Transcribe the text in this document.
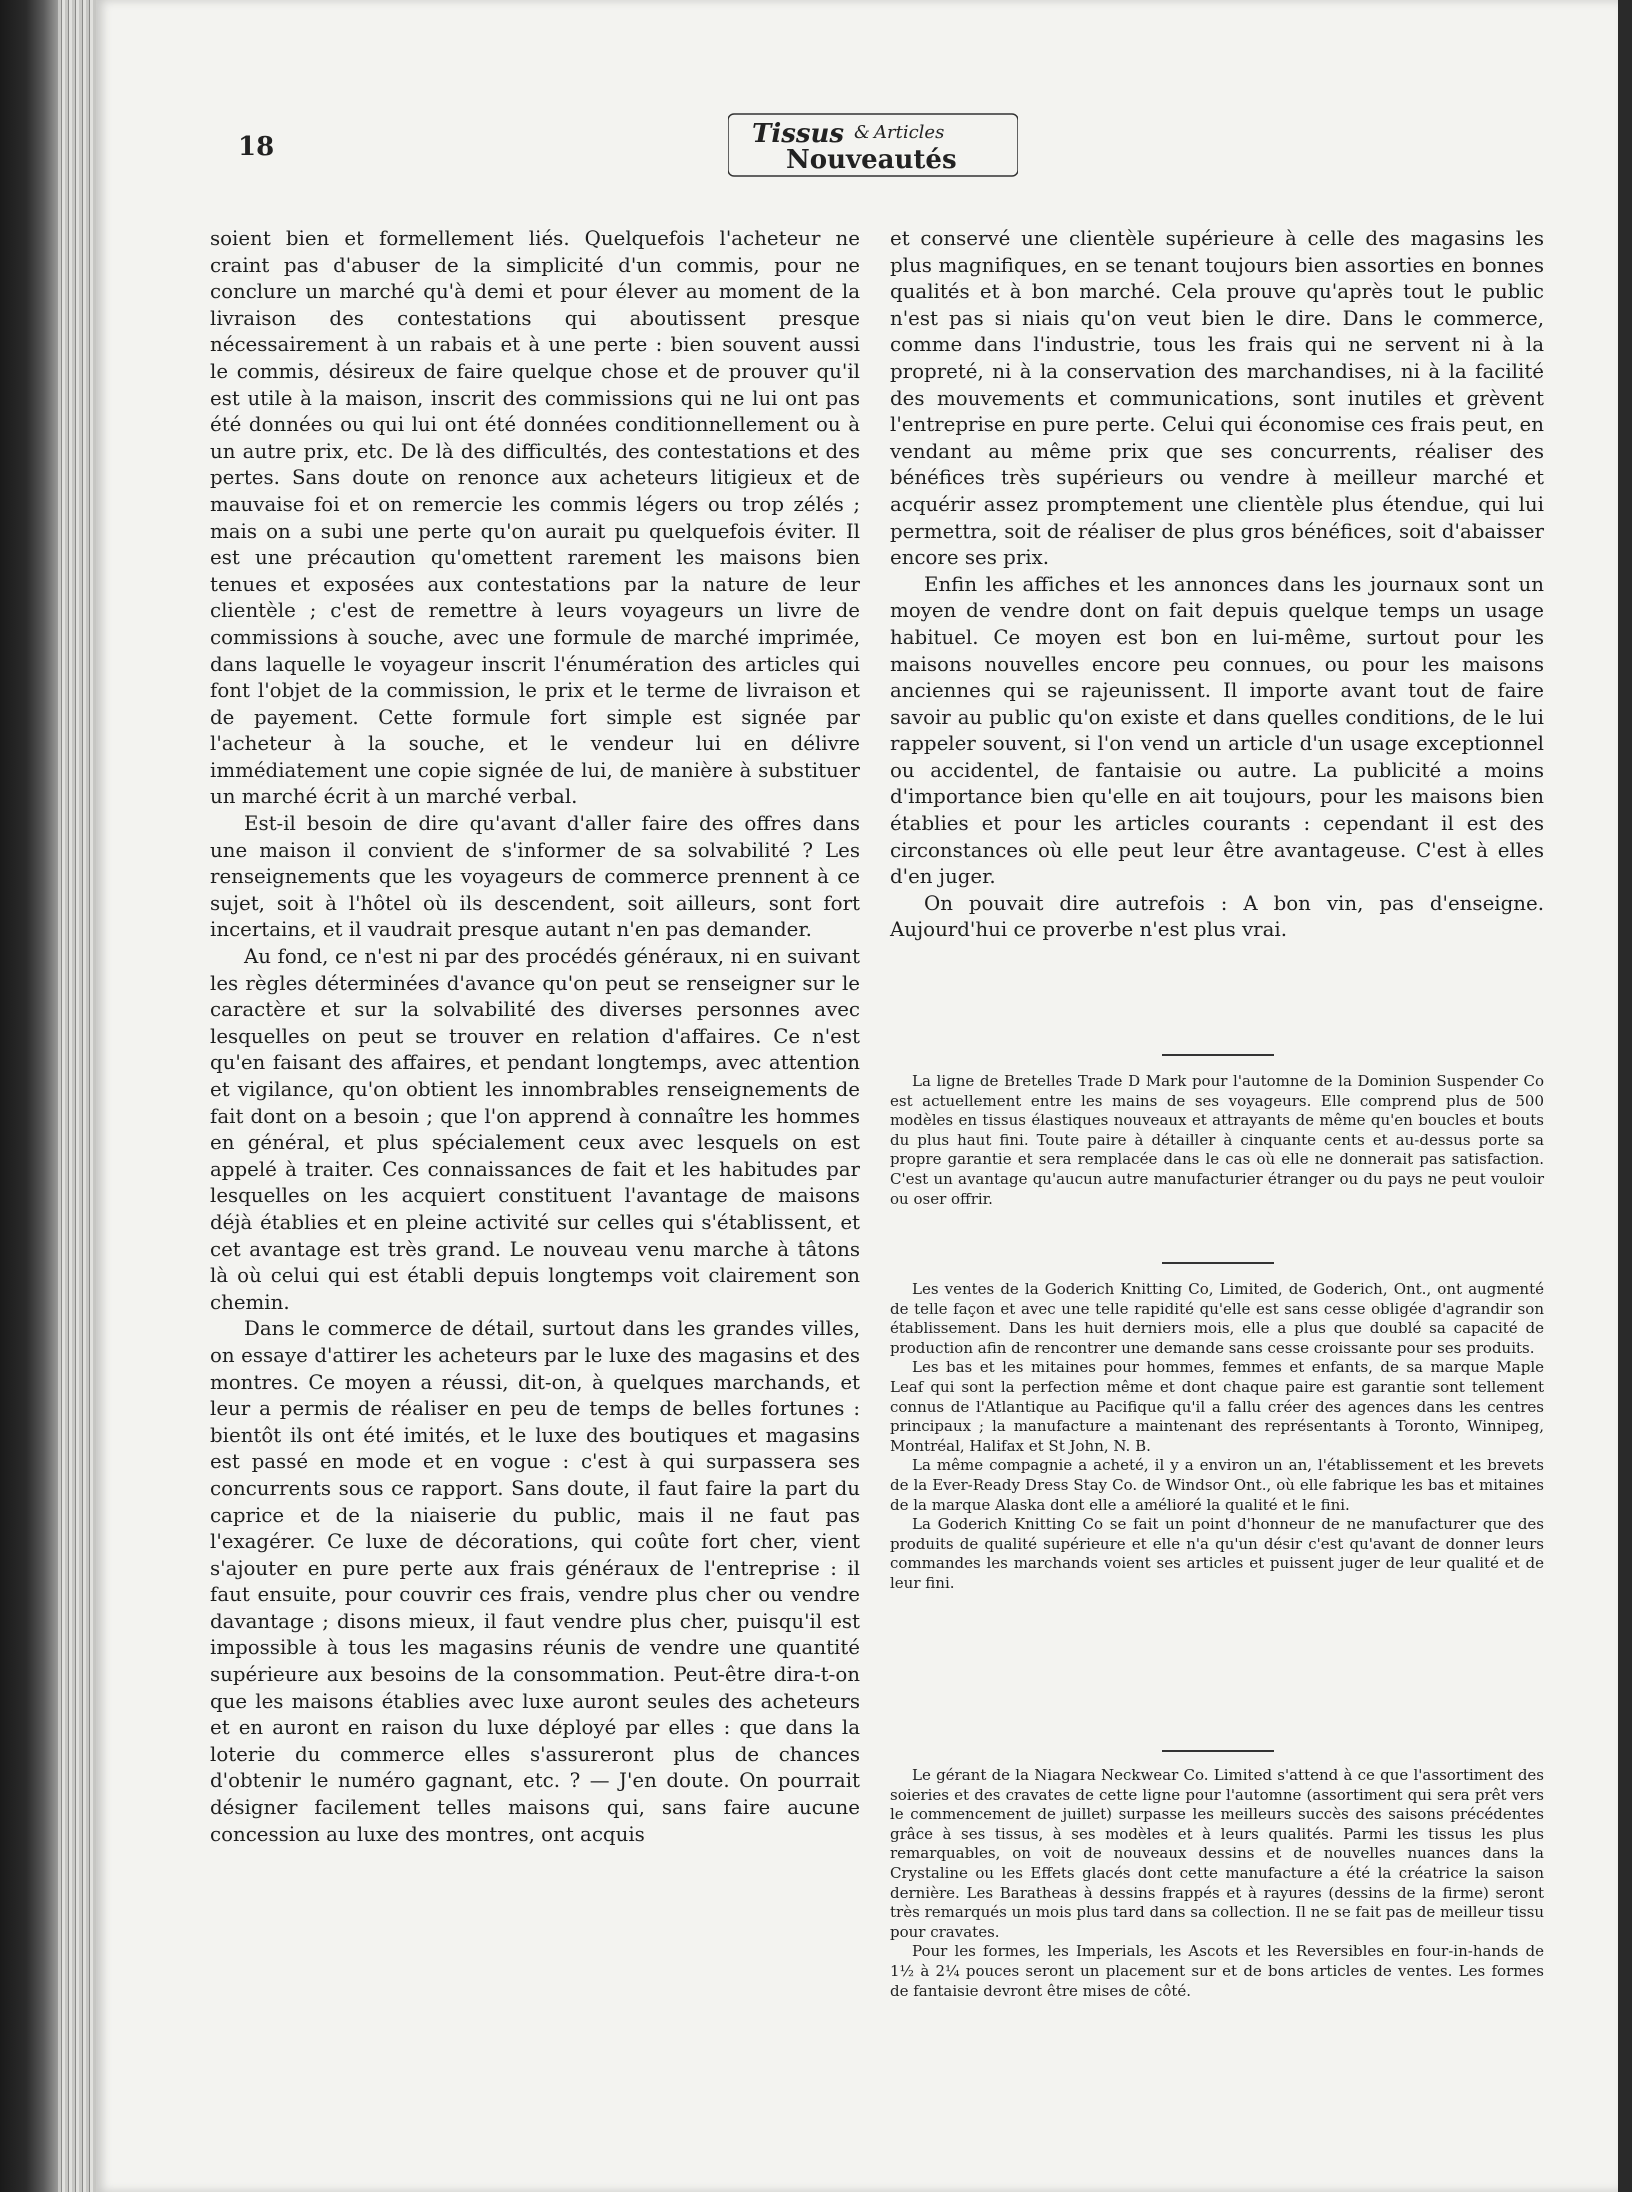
18	Tissus & Articles
Nouveautés

soient bien et formellement liés. Quelquefois l'acheteur ne craint pas d'abuser de la simplicité d'un commis, pour ne conclure un marché qu'à demi et pour élever au moment de la livraison des contestations qui aboutissent presque nécessairement à un rabais et à une perte : bien souvent aussi le commis, désireux de faire quelque chose et de prouver qu'il est utile à la maison, inscrit des commissions qui ne lui ont pas été données ou qui lui ont été données conditionnellement ou à un autre prix, etc. De là des difficultés, des contestations et des pertes. Sans doute on renonce aux acheteurs litigieux et de mauvaise foi et on remercie les commis légers ou trop zélés ; mais on a subi une perte qu'on aurait pu quelquefois éviter. Il est une précaution qu'omettent rarement les maisons bien tenues et exposées aux contestations par la nature de leur clientèle ; c'est de remettre à leurs voyageurs un livre de commissions à souche, avec une formule de marché imprimée, dans laquelle le voyageur inscrit l'énumération des articles qui font l'objet de la commission, le prix et le terme de livraison et de payement. Cette formule fort simple est signée par l'acheteur à la souche, et le vendeur lui en délivre immédiatement une copie signée de lui, de manière à substituer un marché écrit à un marché verbal.

Est-il besoin de dire qu'avant d'aller faire des offres dans une maison il convient de s'informer de sa solvabilité ? Les renseignements que les voyageurs de commerce prennent à ce sujet, soit à l'hôtel où ils descendent, soit ailleurs, sont fort incertains, et il vaudrait presque autant n'en pas demander.

Au fond, ce n'est ni par des procédés généraux, ni en suivant les règles déterminées d'avance qu'on peut se renseigner sur le caractère et sur la solvabilité des diverses personnes avec lesquelles on peut se trouver en relation d'affaires. Ce n'est qu'en faisant des affaires, et pendant longtemps, avec attention et vigilance, qu'on obtient les innombrables renseignements de fait dont on a besoin ; que l'on apprend à connaître les hommes en général, et plus spécialement ceux avec lesquels on est appelé à traiter. Ces connaissances de fait et les habitudes par lesquelles on les acquiert constituent l'avantage de maisons déjà établies et en pleine activité sur celles qui s'établissent, et cet avantage est très grand. Le nouveau venu marche à tâtons là où celui qui est établi depuis longtemps voit clairement son chemin.

Dans le commerce de détail, surtout dans les grandes villes, on essaye d'attirer les acheteurs par le luxe des magasins et des montres. Ce moyen a réussi, dit-on, à quelques marchands, et leur a permis de réaliser en peu de temps de belles fortunes : bientôt ils ont été imités, et le luxe des boutiques et magasins est passé en mode et en vogue : c'est à qui surpassera ses concurrents sous ce rapport. Sans doute, il faut faire la part du caprice et de la niaiserie du public, mais il ne faut pas l'exagérer. Ce luxe de décorations, qui coûte fort cher, vient s'ajouter en pure perte aux frais généraux de l'entreprise : il faut ensuite, pour couvrir ces frais, vendre plus cher ou vendre davantage ; disons mieux, il faut vendre plus cher, puisqu'il est impossible à tous les magasins réunis de vendre une quantité supérieure aux besoins de la consommation. Peut-être dira-t-on que les maisons établies avec luxe auront seules des acheteurs et en auront en raison du luxe déployé par elles : que dans la loterie du commerce elles s'assureront plus de chances d'obtenir le numéro gagnant, etc. ? — J'en doute. On pourrait désigner facilement telles maisons qui, sans faire aucune concession au luxe des montres, ont acquis

et conservé une clientèle supérieure à celle des magasins les plus magnifiques, en se tenant toujours bien assorties en bonnes qualités et à bon marché. Cela prouve qu'après tout le public n'est pas si niais qu'on veut bien le dire. Dans le commerce, comme dans l'industrie, tous les frais qui ne servent ni à la propreté, ni à la conservation des marchandises, ni à la facilité des mouvements et communications, sont inutiles et grèvent l'entreprise en pure perte. Celui qui économise ces frais peut, en vendant au même prix que ses concurrents, réaliser des bénéfices très supérieurs ou vendre à meilleur marché et acquérir assez promptement une clientèle plus étendue, qui lui permettra, soit de réaliser de plus gros bénéfices, soit d'abaisser encore ses prix.

Enfin les affiches et les annonces dans les journaux sont un moyen de vendre dont on fait depuis quelque temps un usage habituel. Ce moyen est bon en lui-même, surtout pour les maisons nouvelles encore peu connues, ou pour les maisons anciennes qui se rajeunissent. Il importe avant tout de faire savoir au public qu'on existe et dans quelles conditions, de le lui rappeler souvent, si l'on vend un article d'un usage exceptionnel ou accidentel, de fantaisie ou autre. La publicité a moins d'importance bien qu'elle en ait toujours, pour les maisons bien établies et pour les articles courants : cependant il est des circonstances où elle peut leur être avantageuse. C'est à elles d'en juger.

On pouvait dire autrefois : A bon vin, pas d'enseigne. Aujourd'hui ce proverbe n'est plus vrai.

La ligne de Bretelles Trade D Mark pour l'automne de la Dominion Suspender Co est actuellement entre les mains de ses voyageurs. Elle comprend plus de 500 modèles en tissus élastiques nouveaux et attrayants de même qu'en boucles et bouts du plus haut fini. Toute paire à détailler à cinquante cents et au-dessus porte sa propre garantie et sera remplacée dans le cas où elle ne donnerait pas satisfaction. C'est un avantage qu'aucun autre manufacturier étranger ou du pays ne peut vouloir ou oser offrir.

Les ventes de la Goderich Knitting Co, Limited, de Goderich, Ont., ont augmenté de telle façon et avec une telle rapidité qu'elle est sans cesse obligée d'agrandir son établissement. Dans les huit derniers mois, elle a plus que doublé sa capacité de production afin de rencontrer une demande sans cesse croissante pour ses produits.

Les bas et les mitaines pour hommes, femmes et enfants, de sa marque Maple Leaf qui sont la perfection même et dont chaque paire est garantie sont tellement connus de l'Atlantique au Pacifique qu'il a fallu créer des agences dans les centres principaux ; la manufacture a maintenant des représentants à Toronto, Winnipeg, Montréal, Halifax et St John, N. B.

La même compagnie a acheté, il y a environ un an, l'établissement et les brevets de la Ever-Ready Dress Stay Co. de Windsor Ont., où elle fabrique les bas et mitaines de la marque Alaska dont elle a amélioré la qualité et le fini.

La Goderich Knitting Co se fait un point d'honneur de ne manufacturer que des produits de qualité supérieure et elle n'a qu'un désir c'est qu'avant de donner leurs commandes les marchands voient ses articles et puissent juger de leur qualité et de leur fini.

Le gérant de la Niagara Neckwear Co. Limited s'attend à ce que l'assortiment des soieries et des cravates de cette ligne pour l'automne (assortiment qui sera prêt vers le commencement de juillet) surpasse les meilleurs succès des saisons précédentes grâce à ses tissus, à ses modèles et à leurs qualités. Parmi les tissus les plus remarquables, on voit de nouveaux dessins et de nouvelles nuances dans la Crystaline ou les Effets glacés dont cette manufacture a été la créatrice la saison dernière. Les Baratheas à dessins frappés et à rayures (dessins de la firme) seront très remarqués un mois plus tard dans sa collection. Il ne se fait pas de meilleur tissu pour cravates.

Pour les formes, les Imperials, les Ascots et les Reversibles en four-in-hands de 1½ à 2¼ pouces seront un placement sur et de bons articles de ventes. Les formes de fantaisie devront être mises de côté.
